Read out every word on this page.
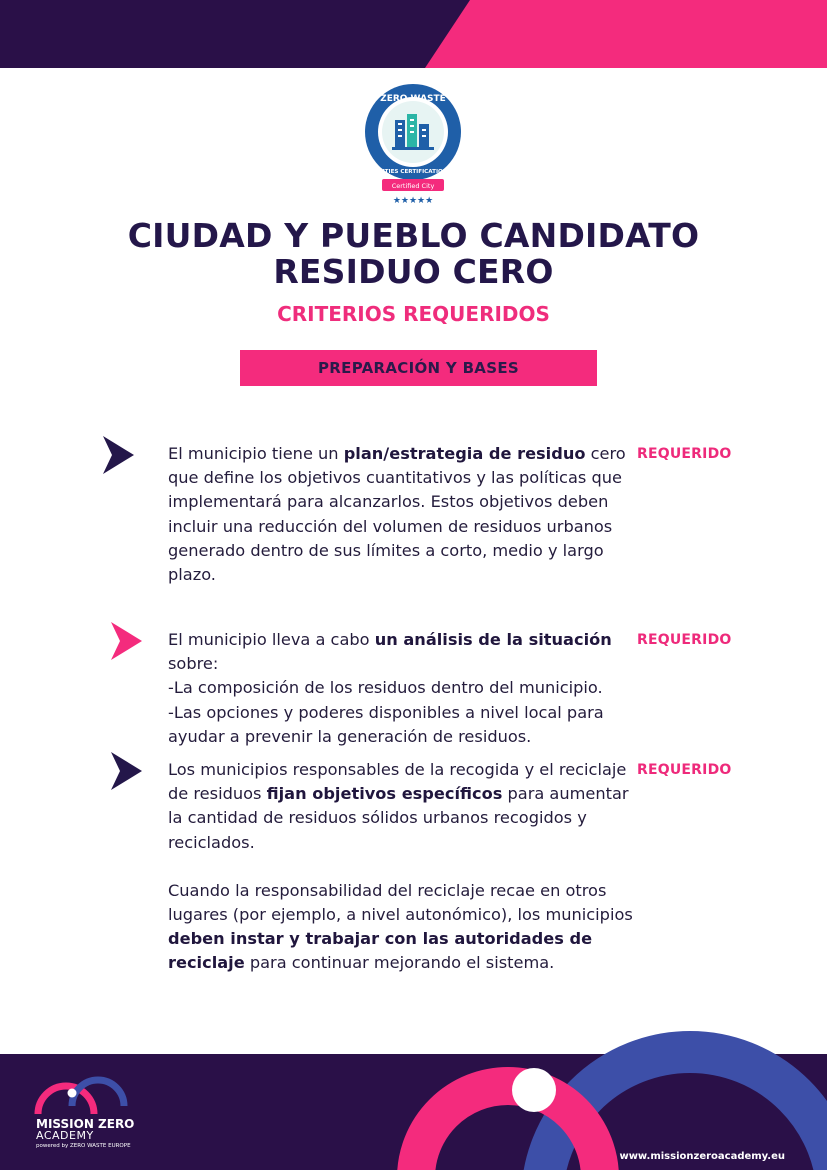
Certified City
★★★★★
ZERO WASTE
CITIES CERTIFICATION
CIUDAD Y PUEBLO CANDIDATO
RESIDUO CERO
CRITERIOS REQUERIDOS
PREPARACIÓN Y BASES
El municipio tiene un plan/estrategia de residuo cero que define los objetivos cuantitativos y las políticas que implementará para alcanzarlos. Estos objetivos deben incluir una reducción del volumen de residuos urbanos generado dentro de sus límites a corto, medio y largo plazo.
REQUERIDO

El municipio lleva a cabo un análisis de la situación sobre:

-La composición de los residuos dentro del municipio.

-Las opciones y poderes disponibles a nivel local para ayudar a prevenir la generación de residuos.

REQUERIDO

Los municipios responsables de la recogida y el reciclaje de residuos fijan objetivos específicos para aumentar la cantidad de residuos sólidos urbanos recogidos y reciclados.

Cuando la responsabilidad del reciclaje recae en otros lugares (por ejemplo, a nivel autonómico), los municipios deben instar y trabajar con las autoridades de reciclaje para continuar mejorando el sistema.

REQUERIDO
MISSION ZERO
ACADEMY
powered by ZERO WASTE EUROPE
www.missionzeroacademy.eu
